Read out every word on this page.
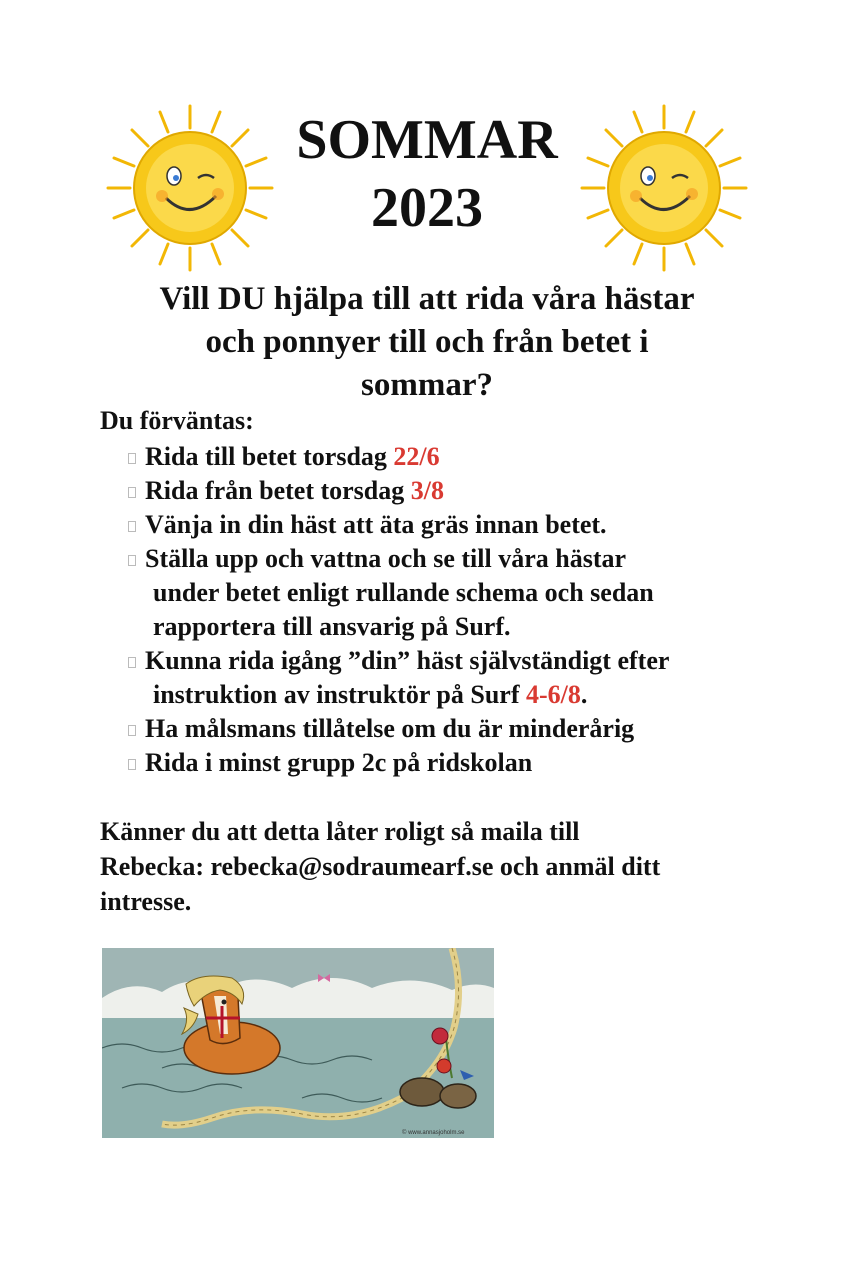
SOMMAR
2023
Vill DU hjälpa till att rida våra hästar
och ponnyer till och från betet i
sommar?

Du förväntas:

Rida till betet torsdag 22/6
Rida från betet torsdag 3/8
Vänja in din häst att äta gräs innan betet.
Ställa upp och vattna och se till våra hästar
under betet enligt rullande schema och sedan
rapportera till ansvarig på Surf.
Kunna rida igång ”din” häst självständigt efter
instruktion av instruktör på Surf 4-6/8.
Ha målsmans tillåtelse om du är minderårig
Rida i minst grupp 2c på ridskolan

Känner du att detta låter roligt så maila till
Rebecka: rebecka@sodraumearf.se och anmäl ditt
intresse.

© www.annasjoholm.se
